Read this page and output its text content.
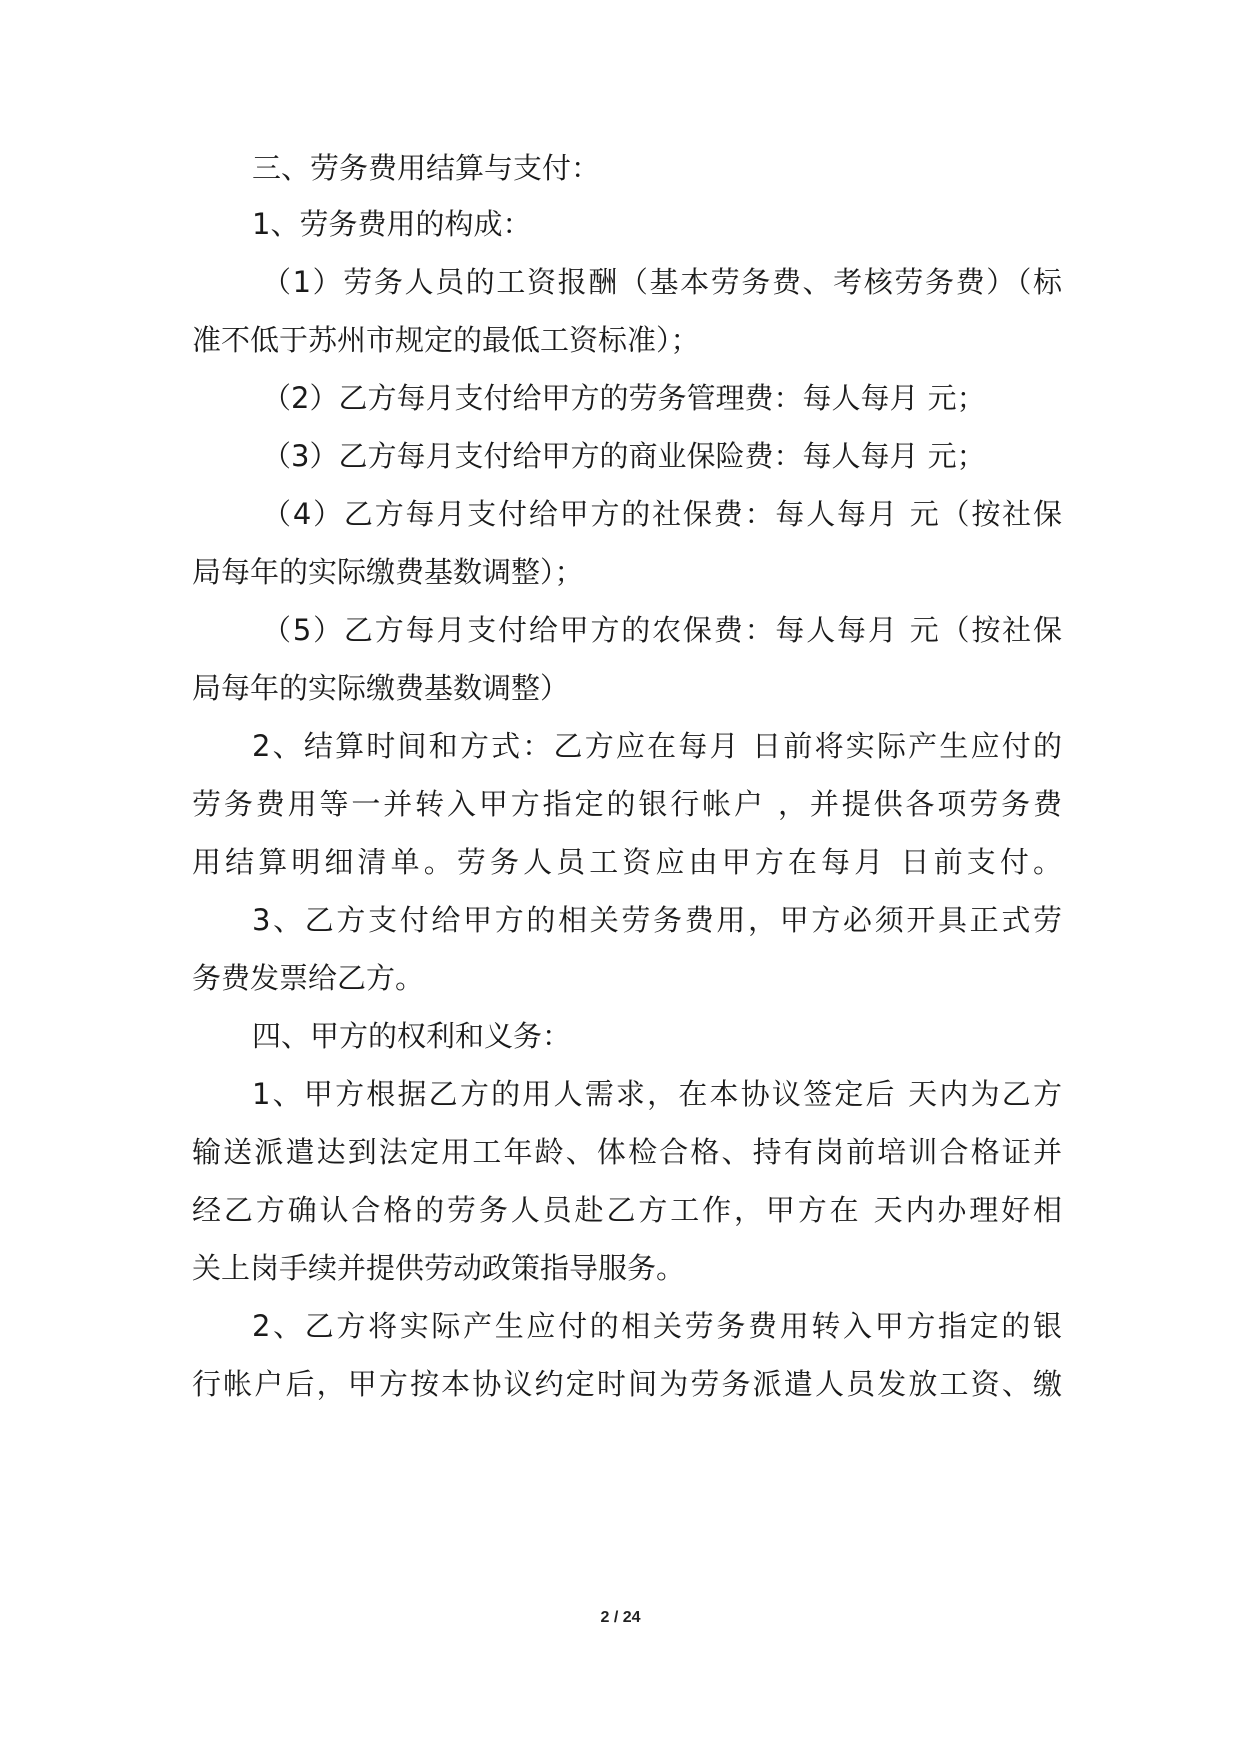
三、劳务费用结算与支付：
1、劳务费用的构成：
（1）劳务人员的工资报酬（基本劳务费、考核劳务费）（标
准不低于苏州市规定的最低工资标准）；
（2）乙方每月支付给甲方的劳务管理费：每人每月 元；
（3）乙方每月支付给甲方的商业保险费：每人每月 元；
（4）乙方每月支付给甲方的社保费：每人每月 元（按社保
局每年的实际缴费基数调整）；
（5）乙方每月支付给甲方的农保费：每人每月 元（按社保
局每年的实际缴费基数调整）
2、结算时间和方式：乙方应在每月 日前将实际产生应付的
劳务费用等一并转入甲方指定的银行帐户 ，并提供各项劳务费
用结算明细清单。劳务人员工资应由甲方在每月 日前支付。
3、乙方支付给甲方的相关劳务费用，甲方必须开具正式劳
务费发票给乙方。
四、甲方的权利和义务：
1、甲方根据乙方的用人需求，在本协议签定后 天内为乙方
输送派遣达到法定用工年龄、体检合格、持有岗前培训合格证并
经乙方确认合格的劳务人员赴乙方工作，甲方在 天内办理好相
关上岗手续并提供劳动政策指导服务。
2、乙方将实际产生应付的相关劳务费用转入甲方指定的银
行帐户后，甲方按本协议约定时间为劳务派遣人员发放工资、缴
2 / 24
